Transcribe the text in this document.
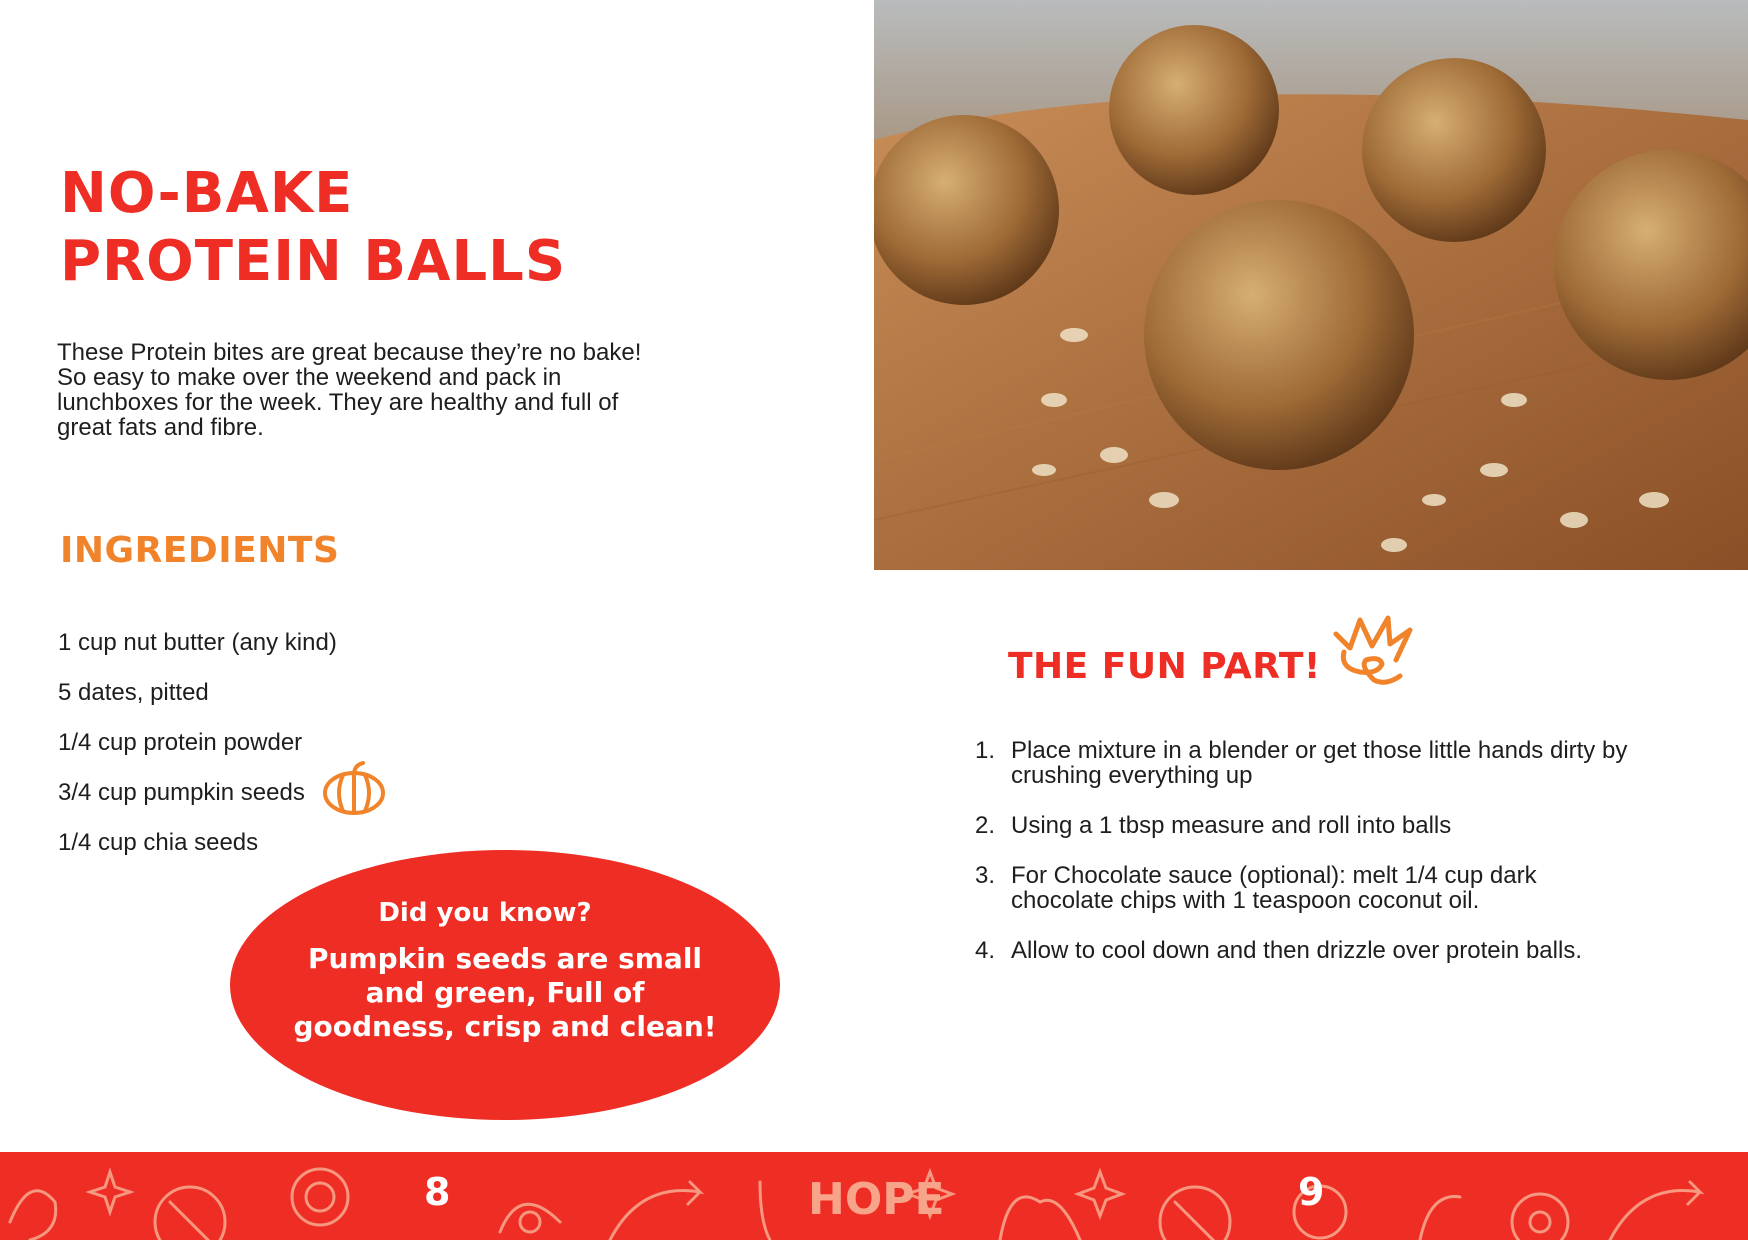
NO-BAKE
PROTEIN BALLS

These Protein bites are great because they’re no bake! So easy to make over the weekend and pack in lunchboxes for the week. They are healthy and full of great fats and fibre.

INGREDIENTS
1 cup nut butter (any kind)
5 dates, pitted
1/4 cup protein powder
3/4 cup pumpkin seeds
1/4 cup chia seeds
Did you know?
Pumpkin seeds are small and green, Full of goodness, crisp and clean!
THE FUN PART!
1. Place mixture in a blender or get those little hands dirty by crushing everything up
2. Using a 1 tbsp measure and roll into balls
3. For Chocolate sauce (optional): melt 1/4 cup dark chocolate chips with 1 teaspoon coconut oil.
4. Allow to cool down and then drizzle over protein balls.
HOPE
8	9
